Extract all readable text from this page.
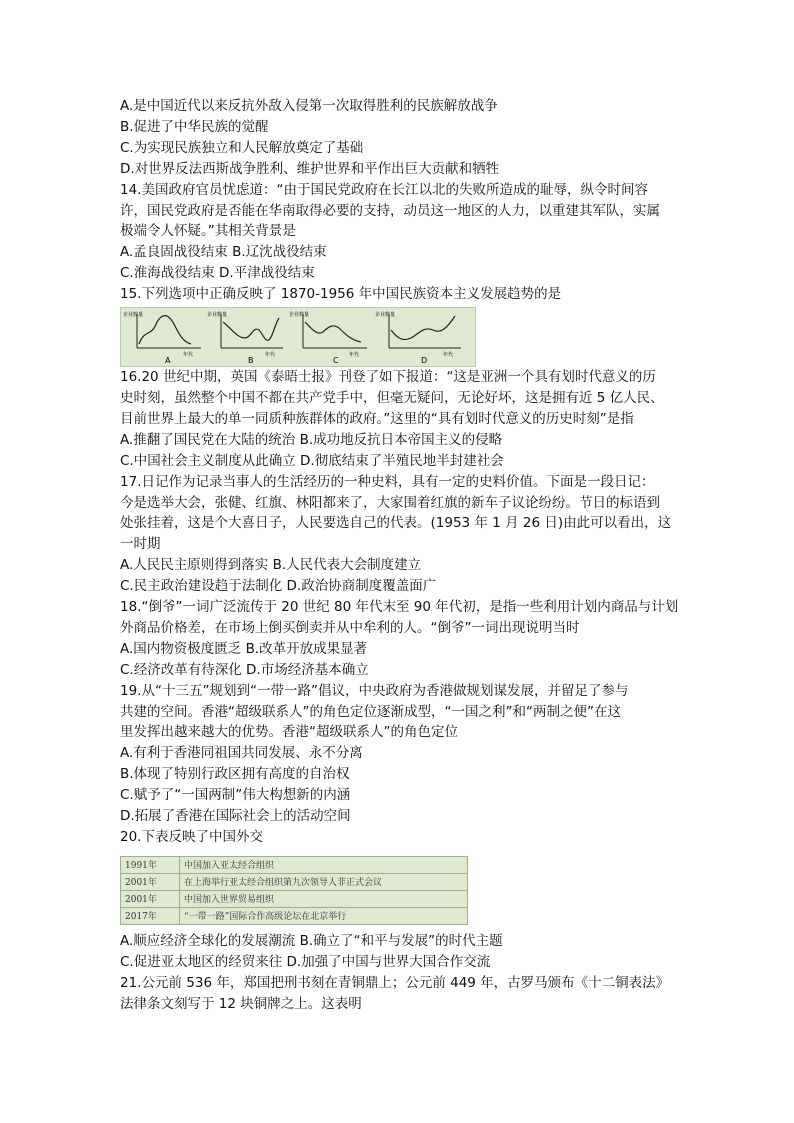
A.是中国近代以来反抗外敌入侵第一次取得胜利的民族解放战争
B.促进了中华民族的觉醒
C.为实现民族独立和人民解放奠定了基础
D.对世界反法西斯战争胜利、维护世界和平作出巨大贡献和牺牲
14.美国政府官员忧虑道：“由于国民党政府在长江以北的失败所造成的耻辱，纵令时间容
许，国民党政府是否能在华南取得必要的支持，动员这一地区的人力，以重建其军队，实属
极端令人怀疑。”其相关背景是
A.孟良固战役结束 B.辽沈战役结束
C.淮海战役结束 D.平津战役结束
15.下列选项中正确反映了 1870-1956 年中国民族资本主义发展趋势的是
企业数量
年代
A
企业数量
年代
B
企业数量
年代
C
企业数量
年代
D
16.20 世纪中期，英国《泰晤士报》刊登了如下报道：“这是亚洲一个具有划时代意义的历
史时刻，虽然整个中国不都在共产党手中，但毫无疑问，无论好坏，这是拥有近 5 亿人民、
目前世界上最大的单一同质种族群体的政府。”这里的“具有划时代意义的历史时刻”是指
A.推翻了国民党在大陆的统治 B.成功地反抗日本帝国主义的侵略
C.中国社会主义制度从此确立 D.彻底结束了半殖民地半封建社会
17.日记作为记录当事人的生活经历的一种史料，具有一定的史料价值。下面是一段日记：
今是选举大会，张健、红旗、林阳都来了，大家围着红旗的新车子议论纷纷。节日的标语到
处张挂着，这是个大喜日子，人民要选自己的代表。(1953 年 1 月 26 日)由此可以看出，这
一时期
A.人民民主原则得到落实 B.人民代表大会制度建立
C.民主政治建设趋于法制化 D.政治协商制度覆盖面广
18.“倒爷”一词广泛流传于 20 世纪 80 年代末至 90 年代初，是指一些利用计划内商品与计划
外商品价格差，在市场上倒买倒卖并从中牟利的人。“倒爷”一词出现说明当时
A.国内物资极度匮乏 B.改革开放成果显著
C.经济改革有待深化 D.市场经济基本确立
19.从“十三五”规划到“一带一路”倡议，中央政府为香港做规划谋发展，并留足了参与
共建的空间。香港“超级联系人”的角色定位逐渐成型，“一国之利”和“两制之便”在这
里发挥出越来越大的优势。香港“超级联系人”的角色定位
A.有利于香港同祖国共同发展、永不分离
B.体现了特别行政区拥有高度的自治权
C.赋予了“一国两制”伟大构想新的内涵
D.拓展了香港在国际社会上的活动空间
20.下表反映了中国外交
1991年	中国加入亚太经合组织
2001年	在上海举行亚太经合组织第九次领导人非正式会议
2001年	中国加入世界贸易组织
2017年	“一带一路”国际合作高级论坛在北京举行
A.顺应经济全球化的发展潮流 B.确立了“和平与发展”的时代主题
C.促进亚太地区的经贸来往 D.加强了中国与世界大国合作交流
21.公元前 536 年，郑国把刑书刻在青铜鼎上；公元前 449 年，古罗马颁布《十二铜表法》
法律条文刻写于 12 块铜牌之上。这表明
